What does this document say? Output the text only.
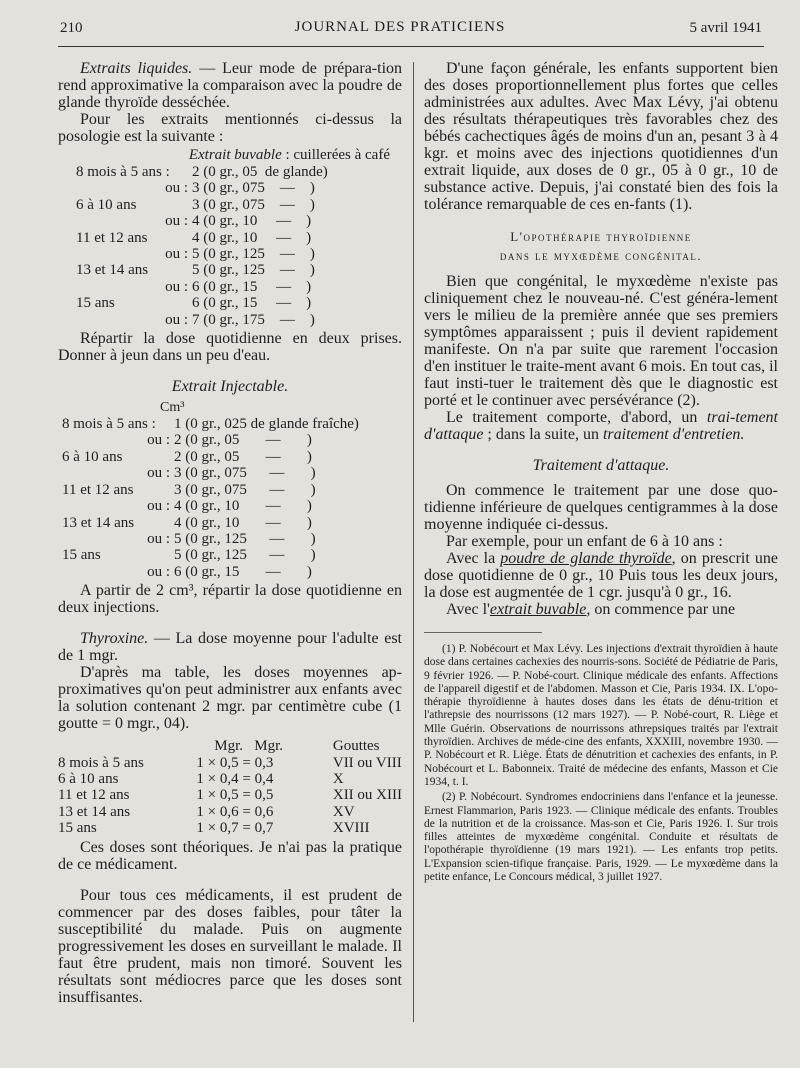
210	JOURNAL DES PRATICIENS	5 avril 1941

Extraits liquides. — Leur mode de prépara-tion rend approximative la comparaison avec la poudre de glande thyroïde desséchée.

Pour les extraits mentionnés ci-dessus la posologie est la suivante :

Extrait buvable : cuillerées à café
8 mois à 5 ans :	2 (0 gr., 05  de glande)
ou :	3 (0 gr., 075    —    )
6 à 10 ans	3 (0 gr., 075    —    )
ou :	4 (0 gr., 10     —    )
11 et 12 ans	4 (0 gr., 10     —    )
ou :	5 (0 gr., 125    —    )
13 et 14 ans	5 (0 gr., 125    —    )
ou :	6 (0 gr., 15     —    )
15 ans	6 (0 gr., 15     —    )
ou :	7 (0 gr., 175    —    )

Répartir la dose quotidienne en deux prises. Donner à jeun dans un peu d'eau.

Extrait Injectable.

Cm³

8 mois à 5 ans :	1 (0 gr., 025 de glande fraîche)
ou :	2 (0 gr., 05       —       )
6 à 10 ans	2 (0 gr., 05       —       )
ou :	3 (0 gr., 075      —       )
11 et 12 ans	3 (0 gr., 075      —       )
ou :	4 (0 gr., 10       —       )
13 et 14 ans	4 (0 gr., 10       —       )
ou :	5 (0 gr., 125      —       )
15 ans	5 (0 gr., 125      —       )
ou :	6 (0 gr., 15       —       )

A partir de 2 cm³, répartir la dose quotidienne en deux injections.

Thyroxine. — La dose moyenne pour l'adulte est de 1 mgr.

D'après ma table, les doses moyennes ap-proximatives qu'on peut administrer aux enfants avec la solution contenant 2 mgr. par centimètre cube (1 goutte = 0 mgr., 04).

	Mgr. Mgr.	Gouttes
8 mois à 5 ans	1 × 0,5 = 0,3	VII ou VIII
6 à 10 ans	1 × 0,4 = 0,4	X
11 et 12 ans	1 × 0,5 = 0,5	XII ou XIII
13 et 14 ans	1 × 0,6 = 0,6	XV
15 ans	1 × 0,7 = 0,7	XVIII

Ces doses sont théoriques. Je n'ai pas la pratique de ce médicament.

Pour tous ces médicaments, il est prudent de commencer par des doses faibles, pour tâter la susceptibilité du malade. Puis on augmente progressivement les doses en surveillant le malade. Il faut être prudent, mais non timoré. Souvent les résultats sont médiocres parce que les doses sont insuffisantes.

D'une façon générale, les enfants supportent bien des doses proportionnellement plus fortes que celles administrées aux adultes. Avec Max Lévy, j'ai obtenu des résultats thérapeutiques très favorables chez des bébés cachectiques âgés de moins d'un an, pesant 3 à 4 kgr. et moins avec des injections quotidiennes d'un extrait liquide, aux doses de 0 gr., 05 à 0 gr., 10 de substance active. Depuis, j'ai constaté bien des fois la tolérance remarquable de ces en-fants (1).

L'opothérapie thyroïdienne
dans le myxœdème congénital.

Bien que congénital, le myxœdème n'existe pas cliniquement chez le nouveau-né. C'est généra-lement vers le milieu de la première année que ses premiers symptômes apparaissent ; puis il devient rapidement manifeste. On n'a par suite que rarement l'occasion d'en instituer le traite-ment avant 6 mois. En tout cas, il faut insti-tuer le traitement dès que le diagnostic est porté et le continuer avec persévérance (2).

Le traitement comporte, d'abord, un trai-tement d'attaque ; dans la suite, un traitement d'entretien.

Traitement d'attaque.

On commence le traitement par une dose quo-tidienne inférieure de quelques centigrammes à la dose moyenne indiquée ci-dessus.

Par exemple, pour un enfant de 6 à 10 ans :

Avec la poudre de glande thyroïde, on prescrit une dose quotidienne de 0 gr., 10 Puis tous les deux jours, la dose est augmentée de 1 cgr. jusqu'à 0 gr., 16.

Avec l'extrait buvable, on commence par une

(1) P. Nobécourt et Max Lévy. Les injections d'extrait thyroïdien à haute dose dans certaines cachexies des nourris-sons. Société de Pédiatrie de Paris, 9 février 1926. — P. Nobé-court. Clinique médicale des enfants. Affections de l'appareil digestif et de l'abdomen. Masson et Cie, Paris 1934. IX. L'opo-thérapie thyroïdienne à hautes doses dans les états de dénu-trition et l'athrepsie des nourrissons (12 mars 1927). — P. Nobé-court, R. Liège et Mlle Guérin. Observations de nourrissons athrepsiques traités par l'extrait thyroïdien. Archives de méde-cine des enfants, XXXIII, novembre 1930. — P. Nobécourt et R. Liège. États de dénutrition et cachexies des enfants, in P. Nobécourt et L. Babonneix. Traité de médecine des enfants, Masson et Cie 1934, t. I.

(2) P. Nobécourt. Syndromes endocriniens dans l'enfance et la jeunesse. Ernest Flammarion, Paris 1923. — Clinique médicale des enfants. Troubles de la nutrition et de la croissance. Mas-son et Cie, Paris 1926. I. Sur trois filles atteintes de myxœdème congénital. Conduite et résultats de l'opothérapie thyroïdienne (19 mars 1921). — Les enfants trop petits. L'Expansion scien-tifique française. Paris, 1929. — Le myxœdème dans la petite enfance, Le Concours médical, 3 juillet 1927.
